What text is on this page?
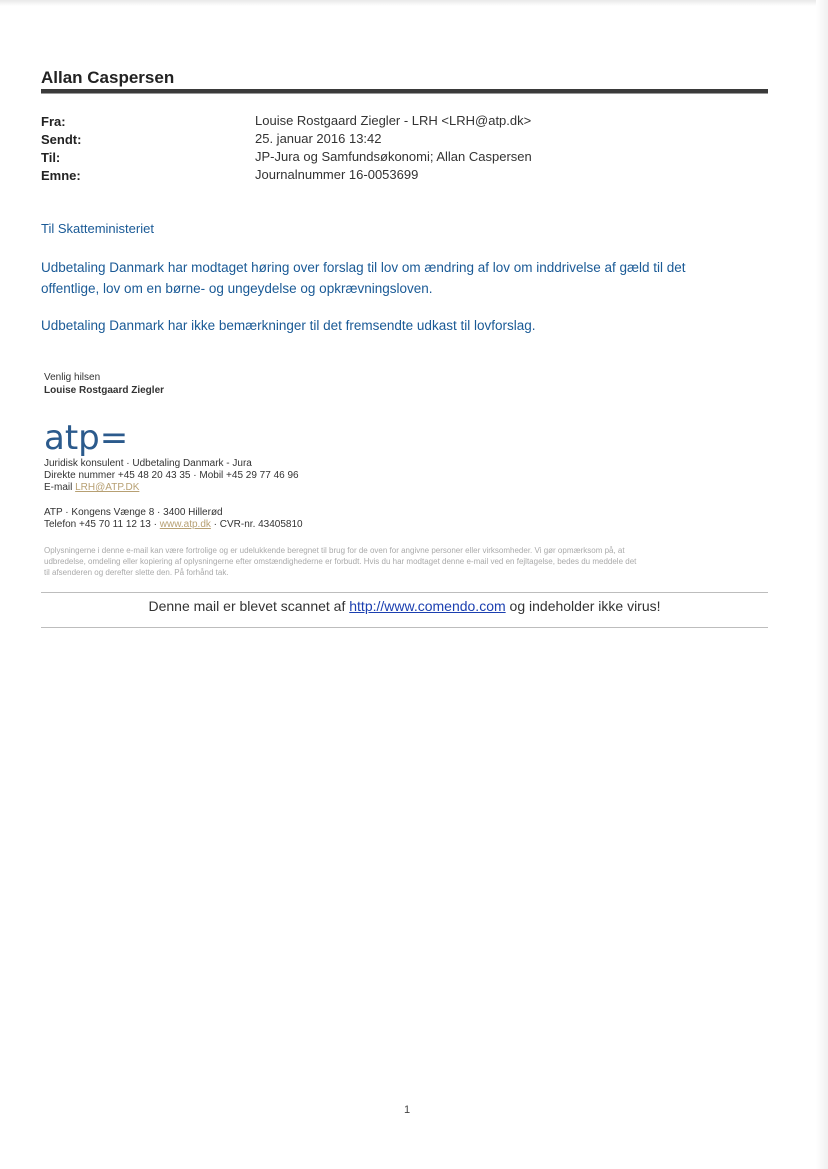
Allan Caspersen
Fra:	Louise Rostgaard Ziegler - LRH <LRH@atp.dk>
Sendt:	25. januar 2016 13:42
Til:	JP-Jura og Samfundsøkonomi; Allan Caspersen
Emne:	Journalnummer 16-0053699
Til Skatteministeriet
Udbetaling Danmark har modtaget høring over forslag til lov om ændring af lov om inddrivelse af gæld til det
offentlige, lov om en børne- og ungeydelse og opkrævningsloven.
Udbetaling Danmark har ikke bemærkninger til det fremsendte udkast til lovforslag.
Venlig hilsen
Louise Rostgaard Ziegler
atp=
Juridisk konsulent · Udbetaling Danmark - Jura
Direkte nummer +45 48 20 43 35 · Mobil +45 29 77 46 96
E-mail LRH@ATP.DK
ATP · Kongens Vænge 8 · 3400 Hillerød
Telefon +45 70 11 12 13 · www.atp.dk · CVR-nr. 43405810
Oplysningerne i denne e-mail kan være fortrolige og er udelukkende beregnet til brug for de oven for angivne personer eller virksomheder. Vi gør opmærksom på, at
udbredelse, omdeling eller kopiering af oplysningerne efter omstændighederne er forbudt. Hvis du har modtaget denne e-mail ved en fejltagelse, bedes du meddele det
til afsenderen og derefter slette den. På forhånd tak.
Denne mail er blevet scannet af http://www.comendo.com og indeholder ikke virus!
1
